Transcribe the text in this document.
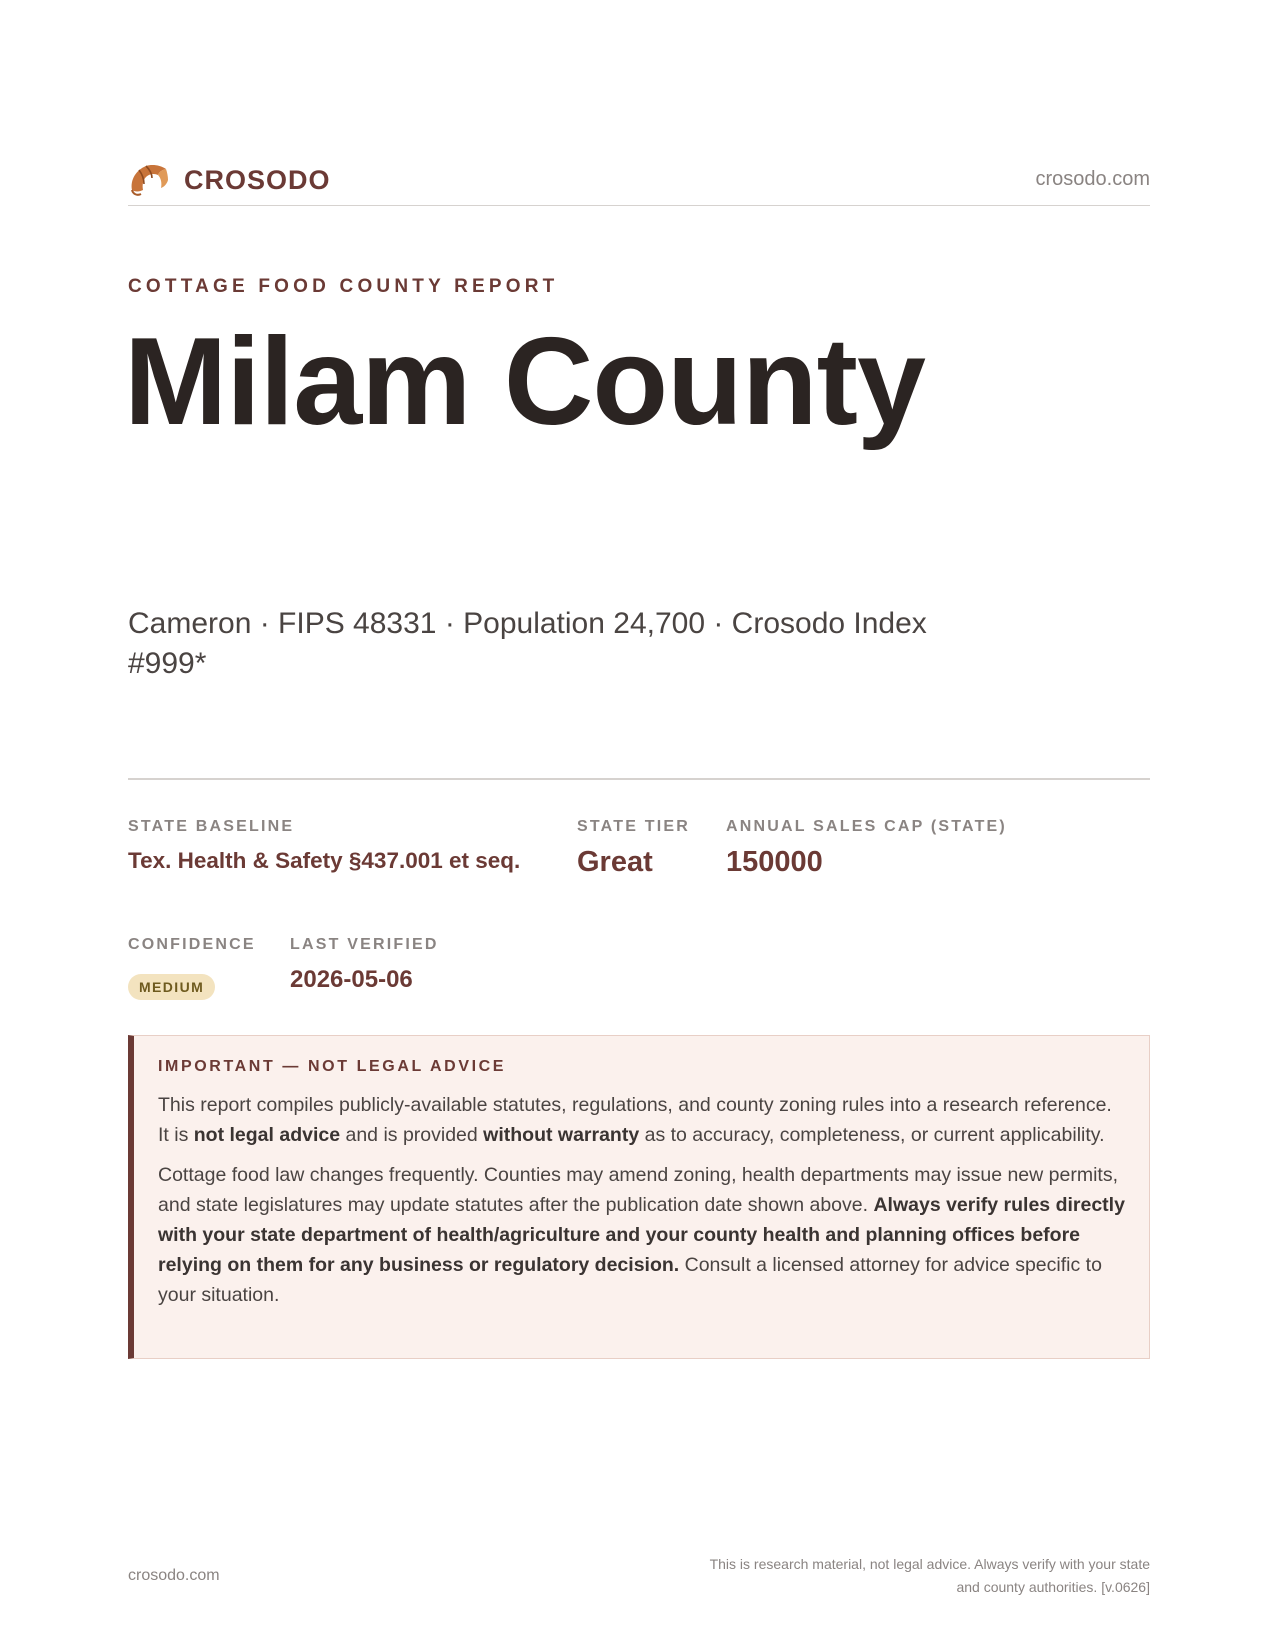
CROSODO	crosodo.com
COTTAGE FOOD COUNTY REPORT
Milam County
Cameron · FIPS 48331 · Population 24,700 · Crosodo Index #999*
STATE BASELINE
Tex. Health & Safety §437.001 et seq.
STATE TIER
Great
ANNUAL SALES CAP (STATE)
150000
CONFIDENCE
MEDIUM
LAST VERIFIED
2026-05-06
IMPORTANT — NOT LEGAL ADVICE

This report compiles publicly-available statutes, regulations, and county zoning rules into a research reference. It is not legal advice and is provided without warranty as to accuracy, completeness, or current applicability.

Cottage food law changes frequently. Counties may amend zoning, health departments may issue new permits, and state legislatures may update statutes after the publication date shown above. Always verify rules directly with your state department of health/agriculture and your county health and planning offices before relying on them for any business or regulatory decision. Consult a licensed attorney for advice specific to your situation.

crosodo.com
This is research material, not legal advice. Always verify with your state
and county authorities. [v.0626]
